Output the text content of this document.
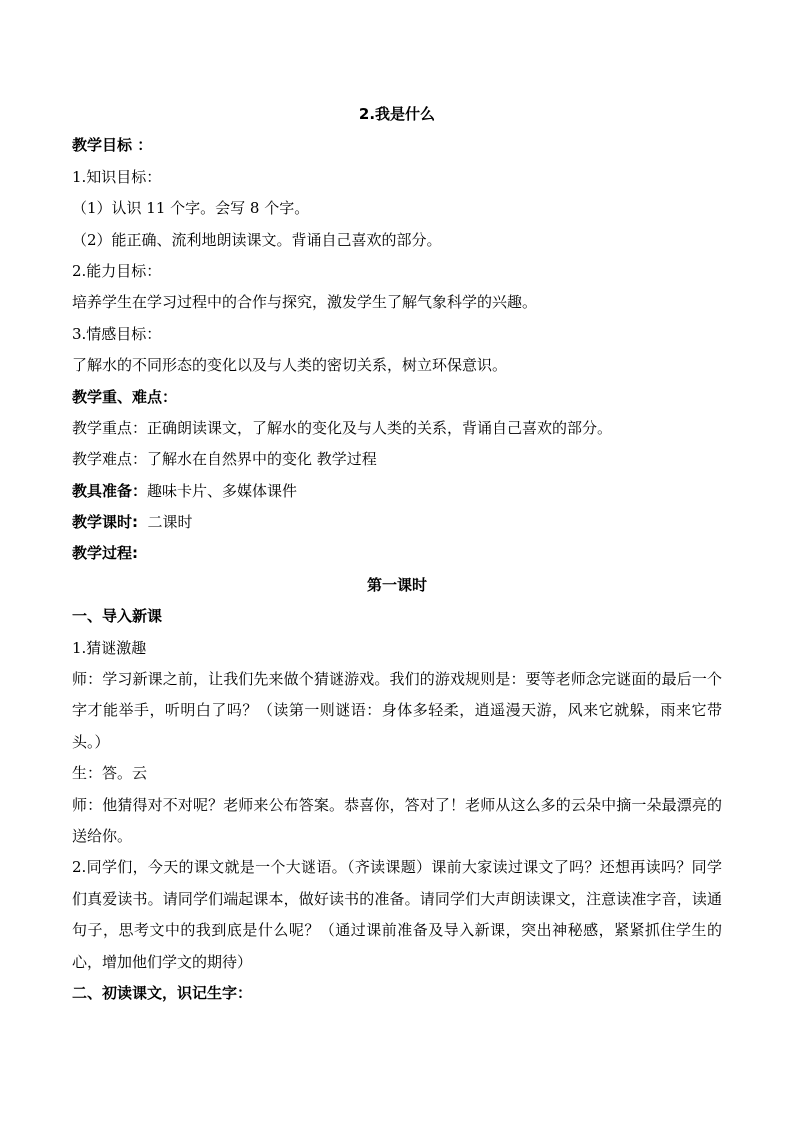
2.我是什么
教学目标 ：
1.知识目标：
（1）认识 11 个字。会写 8 个字。
（2）能正确、流利地朗读课文。背诵自己喜欢的部分。
2.能力目标：
培养学生在学习过程中的合作与探究，激发学生了解气象科学的兴趣。
3.情感目标：
了解水的不同形态的变化以及与人类的密切关系，树立环保意识。
教学重、难点：
教学重点：正确朗读课文，了解水的变化及与人类的关系，背诵自己喜欢的部分。
教学难点：了解水在自然界中的变化 教学过程
教具准备：趣味卡片、多媒体课件
教学课时:  二课时
教学过程:
第一课时
一、导入新课
1.猜谜激趣
师：学习新课之前，让我们先来做个猜谜游戏。我们的游戏规则是：要等老师念完谜面的最后一个字才能举手，听明白了吗？（读第一则谜语：身体多轻柔，逍遥漫天游，风来它就躲，雨来它带头。）
生：答。云
师：他猜得对不对呢？老师来公布答案。恭喜你，答对了！老师从这么多的云朵中摘一朵最漂亮的送给你。
2.同学们，今天的课文就是一个大谜语。（齐读课题）课前大家读过课文了吗？还想再读吗？同学们真爱读书。请同学们端起课本，做好读书的准备。请同学们大声朗读课文，注意读准字音，读通句子，思考文中的我到底是什么呢？（通过课前准备及导入新课，突出神秘感，紧紧抓住学生的心，增加他们学文的期待）
二、初读课文，识记生字：
